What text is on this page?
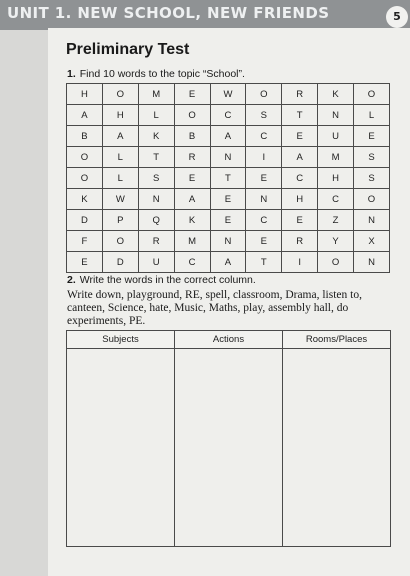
UNIT 1. NEW SCHOOL, NEW FRIENDS	5
Preliminary Test
1. Find 10 words to the topic “School”.
H	O	M	E	W	O	R	K	O
A	H	L	O	C	S	T	N	L
B	A	K	B	A	C	E	U	E
O	L	T	R	N	I	A	M	S
O	L	S	E	T	E	C	H	S
K	W	N	A	E	N	H	C	O
D	P	Q	K	E	C	E	Z	N
F	O	R	M	N	E	R	Y	X
E	D	U	C	A	T	I	O	N
2. Write the words in the correct column.
Write down, playground, RE, spell, classroom, Drama, listen to, canteen, Science, hate, Music, Maths, play, assembly hall, do experiments, PE.
Subjects	Actions	Rooms/Places
